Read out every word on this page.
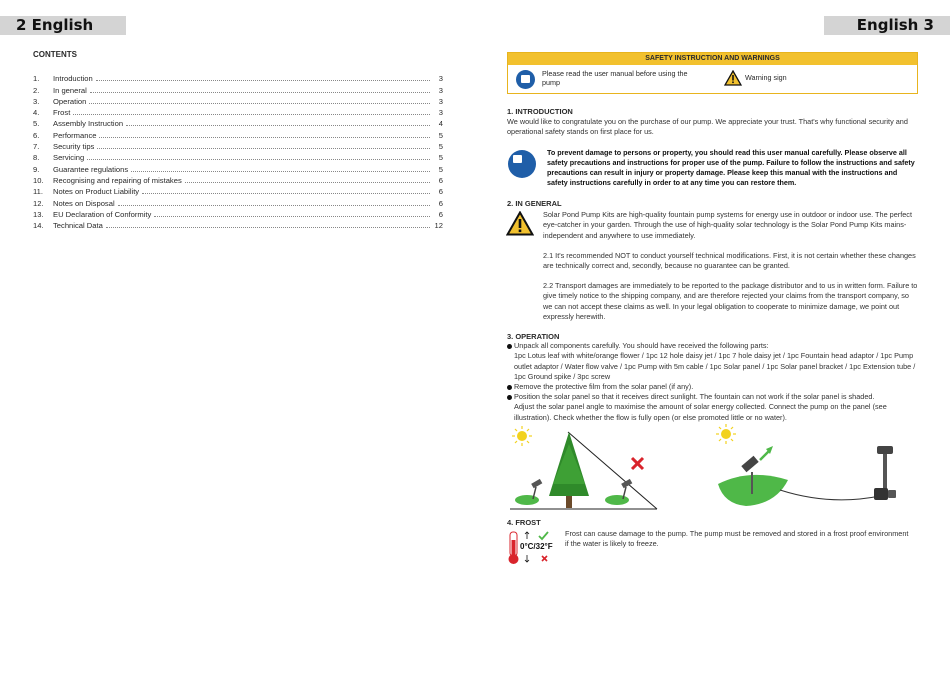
2 English	English 3
CONTENTS
1.	Introduction	3
2.	In general	3
3.	Operation	3
4.	Frost	3
5.	Assembly Instruction	4
6.	Performance	5
7.	Security tips	5
8.	Servicing	5
9.	Guarantee regulations	5
10.	Recognising and repairing of mistakes	6
11.	Notes on Product Liability	6
12.	Notes on Disposal	6
13.	EU Declaration of Conformity	6
14.	Technical Data	12
SAFETY INSTRUCTION AND WARNINGS
Please read the user manual before using the pump
Warning sign
1. INTRODUCTION
We would like to congratulate you on the purchase of our pump. We appreciate your trust. That's why functional security and operational safety stands on first place for us.
To prevent damage to persons or property, you should read this user manual carefully. Please observe all safety precautions and instructions for proper use of the pump. Failure to follow the instructions and safety precautions can result in injury or property damage. Please keep this manual with the instructions and safety instructions carefully in order to at any time you can restore them.
2. IN GENERAL
Solar Pond Pump Kits are high-quality fountain pump systems for energy use in outdoor or indoor use. The perfect eye-catcher in your garden. Through the use of high-quality solar technology is the Solar Pond Pump Kits mains-independent and anywhere to use immediately.
2.1 It's recommended NOT to conduct yourself technical modifications. First, it is not certain whether these changes are technically correct and, secondly, because no guarantee can be granted.
2.2 Transport damages are immediately to be reported to the package distributor and to us in written form. Failure to give timely notice to the shipping company, and are therefore rejected your claims from the transport company, so we can not accept these claims as well. In your legal obligation to cooperate to minimize damage, we point out expressly herewith.
3. OPERATION
Unpack all components carefully. You should have received the following parts:
1pc Lotus leaf with white/orange flower / 1pc 12 hole daisy jet / 1pc 7 hole daisy jet / 1pc Fountain head adaptor / 1pc Pump outlet adaptor / Water flow valve / 1pc Pump with 5m cable / 1pc Solar panel / 1pc Solar panel bracket / 1pc Extension tube / 1pc Ground spike / 3pc screw
Remove the protective film from the solar panel (if any).
Position the solar panel so that it receives direct sunlight. The fountain can not work if the solar panel is shaded.
Adjust the solar panel angle to maximise the amount of solar energy collected. Connect the pump on the panel (see illustration). Check whether the flow is fully open (or else promoted little or no water).
4. FROST
0°C/32°F
Frost can cause damage to the pump. The pump must be removed and stored in a frost proof environment if the water is likely to freeze.
